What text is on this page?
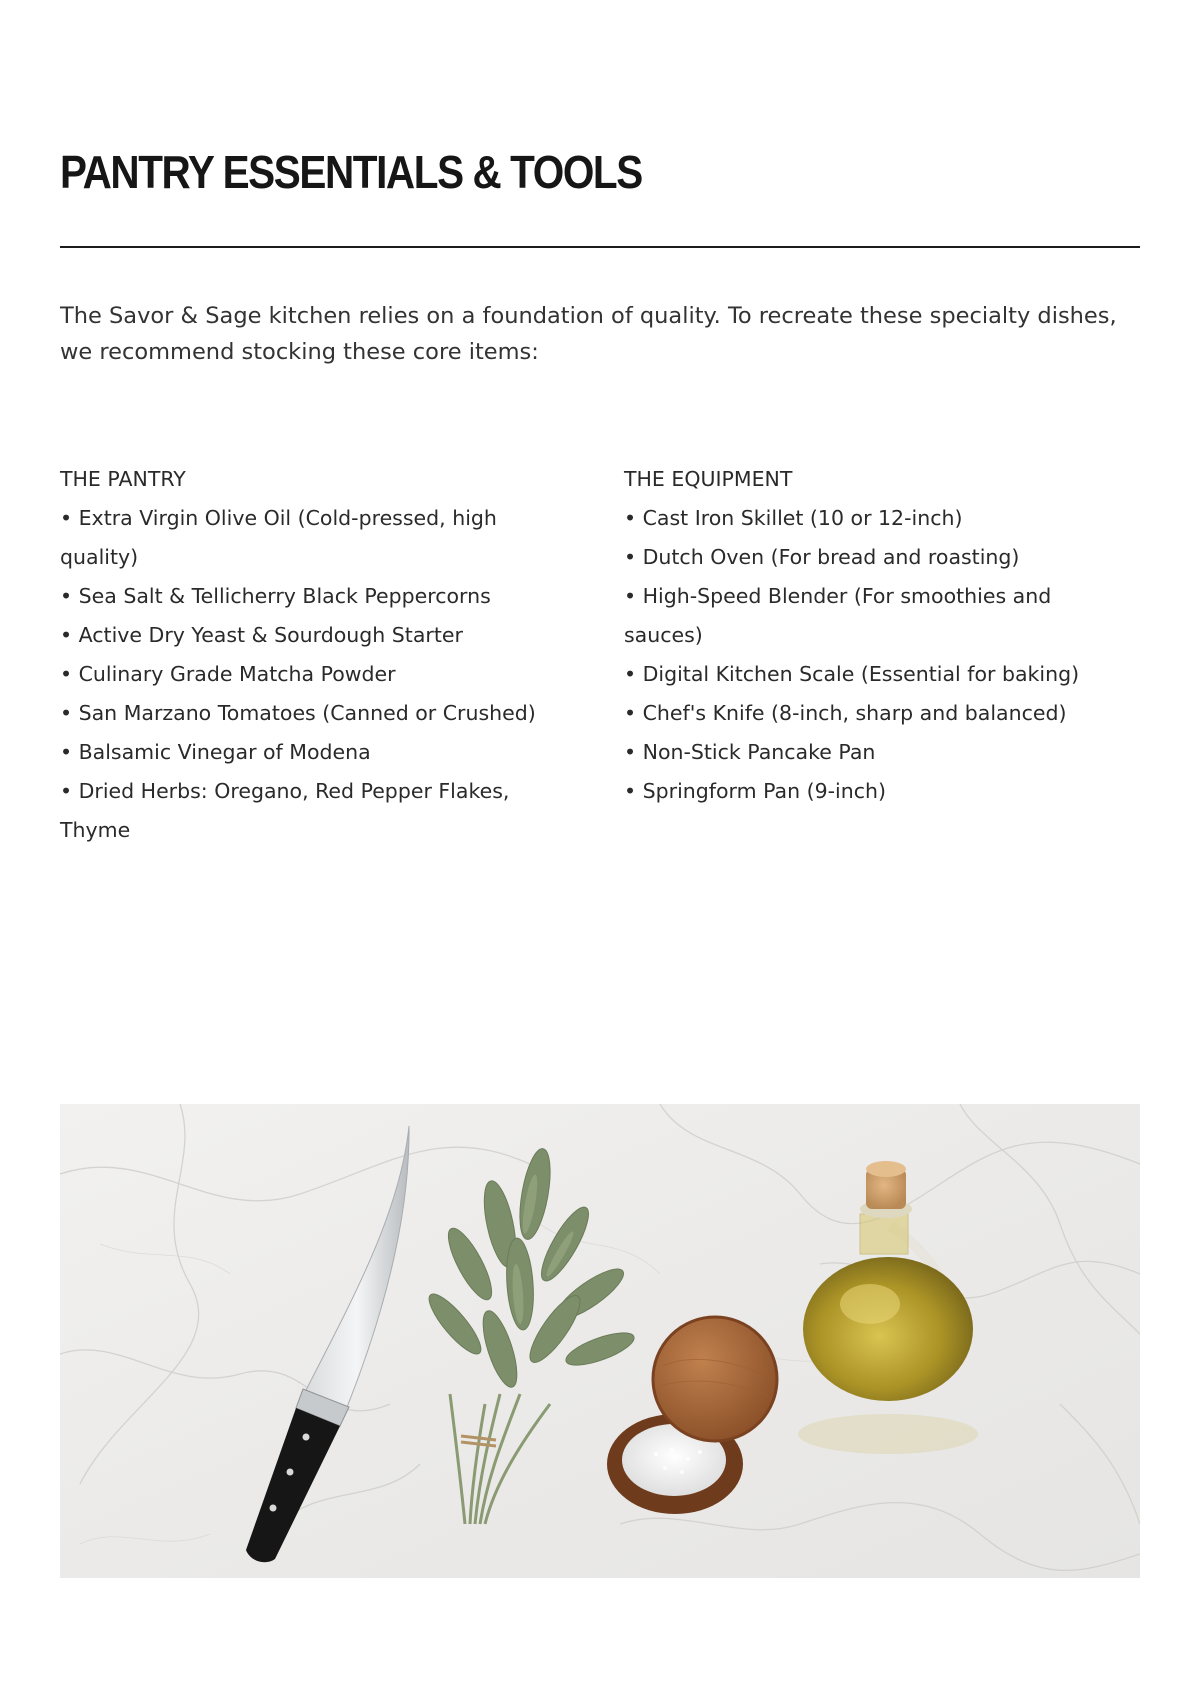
PANTRY ESSENTIALS & TOOLS

The Savor & Sage kitchen relies on a foundation of quality. To recreate these specialty dishes, we recommend stocking these core items:

THE PANTRY
• Extra Virgin Olive Oil (Cold-pressed, high quality)
• Sea Salt & Tellicherry Black Peppercorns
• Active Dry Yeast & Sourdough Starter
• Culinary Grade Matcha Powder
• San Marzano Tomatoes (Canned or Crushed)
• Balsamic Vinegar of Modena
• Dried Herbs: Oregano, Red Pepper Flakes, Thyme
THE EQUIPMENT
• Cast Iron Skillet (10 or 12-inch)
• Dutch Oven (For bread and roasting)
• High-Speed Blender (For smoothies and sauces)
• Digital Kitchen Scale (Essential for baking)
• Chef's Knife (8-inch, sharp and balanced)
• Non-Stick Pancake Pan
• Springform Pan (9-inch)
